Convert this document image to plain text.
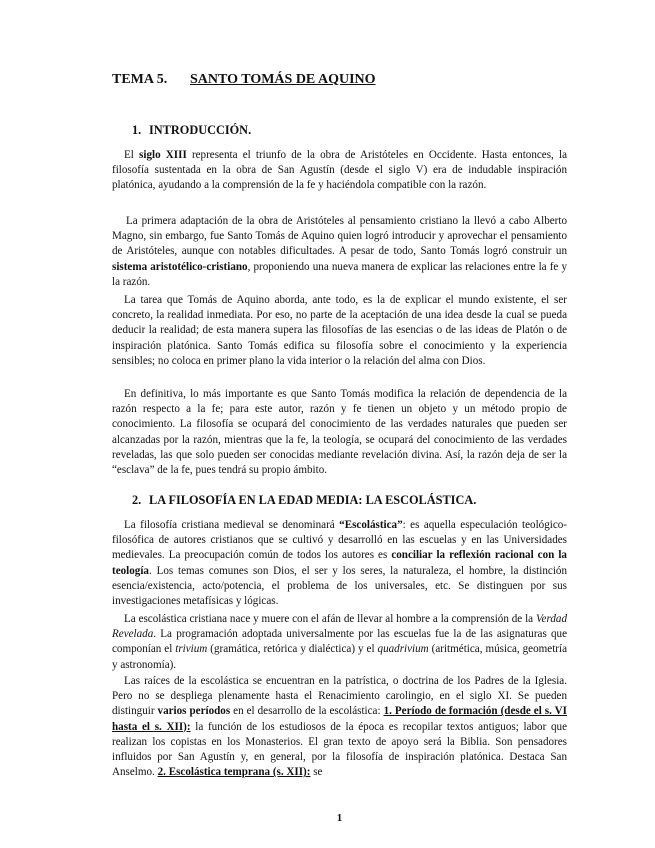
TEMA 5. SANTO TOMÁS DE AQUINO
1. INTRODUCCIÓN.
El siglo XIII representa el triunfo de la obra de Aristóteles en Occidente. Hasta entonces, la filosofía sustentada en la obra de San Agustín (desde el siglo V) era de indudable inspiración platónica, ayudando a la comprensión de la fe y haciéndola compatible con la razón.
La primera adaptación de la obra de Aristóteles al pensamiento cristiano la llevó a cabo Alberto Magno, sin embargo, fue Santo Tomás de Aquino quien logró introducir y aprovechar el pensamiento de Aristóteles, aunque con notables dificultades. A pesar de todo, Santo Tomás logró construir un sistema aristotélico-cristiano, proponiendo una nueva manera de explicar las relaciones entre la fe y la razón.
La tarea que Tomás de Aquino aborda, ante todo, es la de explicar el mundo existente, el ser concreto, la realidad inmediata. Por eso, no parte de la aceptación de una idea desde la cual se pueda deducir la realidad; de esta manera supera las filosofías de las esencias o de las ideas de Platón o de inspiración platónica. Santo Tomás edifica su filosofía sobre el conocimiento y la experiencia sensibles; no coloca en primer plano la vida interior o la relación del alma con Dios.
En definitiva, lo más importante es que Santo Tomás modifica la relación de dependencia de la razón respecto a la fe; para este autor, razón y fe tienen un objeto y un método propio de conocimiento. La filosofía se ocupará del conocimiento de las verdades naturales que pueden ser alcanzadas por la razón, mientras que la fe, la teología, se ocupará del conocimiento de las verdades reveladas, las que solo pueden ser conocidas mediante revelación divina. Así, la razón deja de ser la “esclava” de la fe, pues tendrá su propio ámbito.
2. LA FILOSOFÍA EN LA EDAD MEDIA: LA ESCOLÁSTICA.
La filosofía cristiana medieval se denominará “Escolástica”: es aquella especulación teológico-filosófica de autores cristianos que se cultivó y desarrolló en las escuelas y en las Universidades medievales. La preocupación común de todos los autores es conciliar la reflexión racional con la teología. Los temas comunes son Dios, el ser y los seres, la naturaleza, el hombre, la distinción esencia/existencia, acto/potencia, el problema de los universales, etc. Se distinguen por sus investigaciones metafísicas y lógicas.
La escolástica cristiana nace y muere con el afán de llevar al hombre a la comprensión de la Verdad Revelada. La programación adoptada universalmente por las escuelas fue la de las asignaturas que componían el trivium (gramática, retórica y dialéctica) y el quadrivium (aritmética, música, geometría y astronomía).
Las raíces de la escolástica se encuentran en la patrística, o doctrina de los Padres de la Iglesia. Pero no se despliega plenamente hasta el Renacimiento carolingio, en el siglo XI. Se pueden distinguir varios períodos en el desarrollo de la escolástica: 1. Período de formación (desde el s. VI hasta el s. XII): la función de los estudiosos de la época es recopilar textos antiguos; labor que realizan los copistas en los Monasterios. El gran texto de apoyo será la Biblia. Son pensadores influidos por San Agustín y, en general, por la filosofía de inspiración platónica. Destaca San Anselmo. 2. Escolástica temprana (s. XII): se
1
